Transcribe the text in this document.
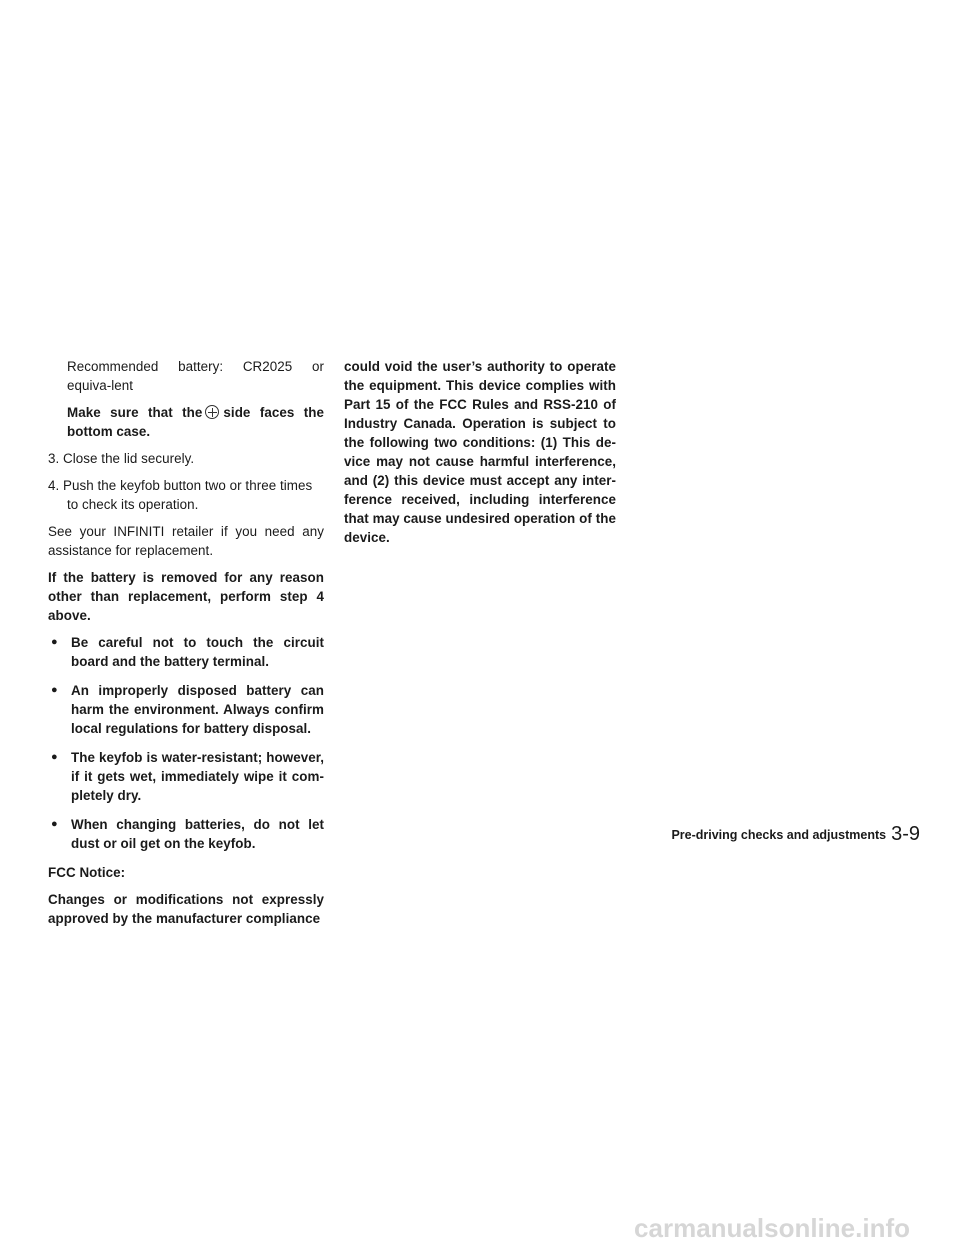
Recommended battery: CR2025 or equiva-lent

Make sure that the side faces the bottom case.

3. Close the lid securely.

4. Push the keyfob button two or three times to check its operation.

See your INFINITI retailer if you need any assistance for replacement.

If the battery is removed for any reason other than replacement, perform step 4 above.

● Be careful not to touch the circuit board and the battery terminal.

● An improperly disposed battery can harm the environment. Always confirm local regulations for battery disposal.

● The keyfob is water-resistant; however, if it gets wet, immediately wipe it com-pletely dry.

● When changing batteries, do not let dust or oil get on the keyfob.

FCC Notice:

Changes or modifications not expressly approved by the manufacturer compliance

could void the user’s authority to operate the equipment. This device complies with Part 15 of the FCC Rules and RSS-210 of Industry Canada. Operation is subject to the following two conditions: (1) This de-vice may not cause harmful interference, and (2) this device must accept any inter-ference received, including interference that may cause undesired operation of the device.

Pre-driving checks and adjustments 3-9
carmanualsonline.info
